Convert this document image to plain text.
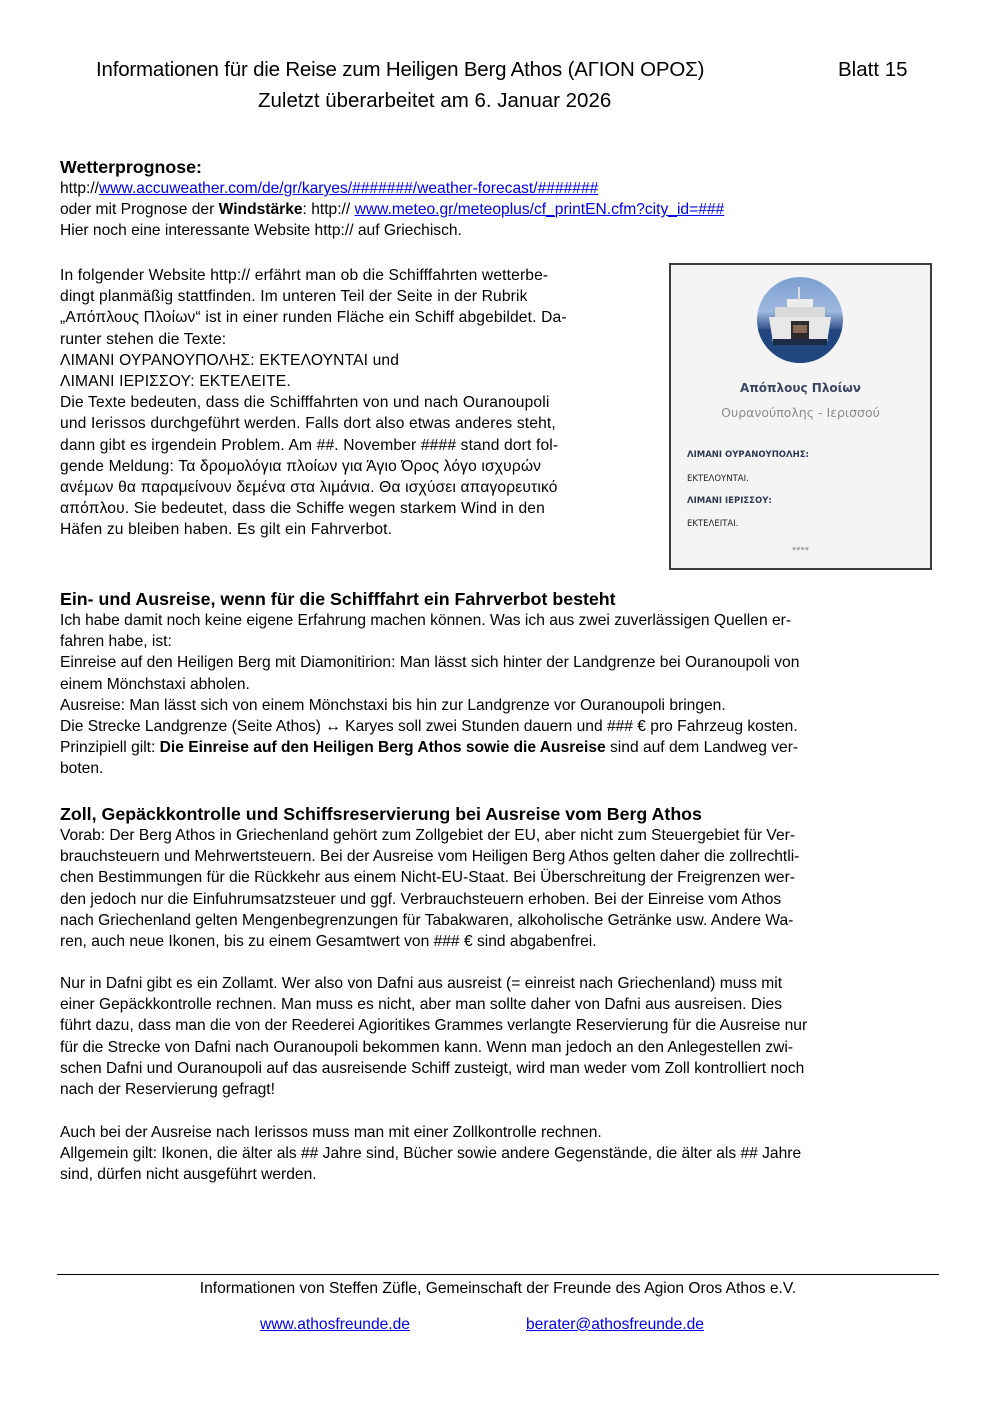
Informationen für die Reise zum Heiligen Berg Athos (ΑΓΙΟΝ ΟΡΟΣ)	Blatt 15
Zuletzt überarbeitet am 6. Januar 2026
Wetterprognose:
http://www.accuweather.com/de/gr/karyes/#######/weather-forecast/#######
oder mit Prognose der Windstärke: http:// www.meteo.gr/meteoplus/cf_printEN.cfm?city_id=###
Hier noch eine interessante Website http:// auf Griechisch.
In folgender Website http:// erfährt man ob die Schifffahrten wetterbe-
dingt planmäßig stattfinden. Im unteren Teil der Seite in der Rubrik
„Απόπλους Πλοίων“ ist in einer runden Fläche ein Schiff abgebildet. Da-
runter stehen die Texte:
ΛΙΜΑΝΙ ΟΥΡΑΝΟΥΠΟΛΗΣ: ΕΚΤΕΛΟΥΝΤΑΙ und
ΛΙΜΑΝΙ ΙΕΡΙΣΣΟΥ: ΕΚΤΕΛΕΙΤΕ.
Die Texte bedeuten, dass die Schifffahrten von und nach Ouranoupoli
und Ierissos durchgeführt werden. Falls dort also etwas anderes steht,
dann gibt es irgendein Problem. Am ##. November #### stand dort fol-
gende Meldung: Τα δρομολόγια πλοίων για Άγιο Όρος λόγο ισχυρών
ανέμων θα παραμείνουν δεμένα στα λιμάνια. Θα ισχύσει απαγορευτικό
απόπλου. Sie bedeutet, dass die Schiffe wegen starkem Wind in den
Häfen zu bleiben haben. Es gilt ein Fahrverbot.
Απόπλους Πλοίων
Ουρανούπολης - Ιερισσού
ΛΙΜΑΝΙ ΟΥΡΑΝΟΥΠΟΛΗΣ:
ΕΚΤΕΛΟΥΝΤΑΙ.
ΛΙΜΑΝΙ ΙΕΡΙΣΣΟΥ:
ΕΚΤΕΛΕΙΤΑΙ.
****
Ein- und Ausreise, wenn für die Schifffahrt ein Fahrverbot besteht
Ich habe damit noch keine eigene Erfahrung machen können. Was ich aus zwei zuverlässigen Quellen er-
fahren habe, ist:
Einreise auf den Heiligen Berg mit Diamonitirion: Man lässt sich hinter der Landgrenze bei Ouranoupoli von
einem Mönchstaxi abholen.
Ausreise: Man lässt sich von einem Mönchstaxi bis hin zur Landgrenze vor Ouranoupoli bringen.
Die Strecke Landgrenze (Seite Athos) ↔ Karyes soll zwei Stunden dauern und ### € pro Fahrzeug kosten.
Prinzipiell gilt: Die Einreise auf den Heiligen Berg Athos sowie die Ausreise sind auf dem Landweg ver-
boten.
Zoll, Gepäckkontrolle und Schiffsreservierung bei Ausreise vom Berg Athos
Vorab: Der Berg Athos in Griechenland gehört zum Zollgebiet der EU, aber nicht zum Steuergebiet für Ver-
brauchsteuern und Mehrwertsteuern. Bei der Ausreise vom Heiligen Berg Athos gelten daher die zollrechtli-
chen Bestimmungen für die Rückkehr aus einem Nicht-EU-Staat. Bei Überschreitung der Freigrenzen wer-
den jedoch nur die Einfuhrumsatzsteuer und ggf. Verbrauchsteuern erhoben. Bei der Einreise vom Athos
nach Griechenland gelten Mengenbegrenzungen für Tabakwaren, alkoholische Getränke usw. Andere Wa-
ren, auch neue Ikonen, bis zu einem Gesamtwert von ### € sind abgabenfrei.
Nur in Dafni gibt es ein Zollamt. Wer also von Dafni aus ausreist (= einreist nach Griechenland) muss mit
einer Gepäckkontrolle rechnen. Man muss es nicht, aber man sollte daher von Dafni aus ausreisen. Dies
führt dazu, dass man die von der Reederei Agioritikes Grammes verlangte Reservierung für die Ausreise nur
für die Strecke von Dafni nach Ouranoupoli bekommen kann. Wenn man jedoch an den Anlegestellen zwi-
schen Dafni und Ouranoupoli auf das ausreisende Schiff zusteigt, wird man weder vom Zoll kontrolliert noch
nach der Reservierung gefragt!
Auch bei der Ausreise nach Ierissos muss man mit einer Zollkontrolle rechnen.
Allgemein gilt: Ikonen, die älter als ## Jahre sind, Bücher sowie andere Gegenstände, die älter als ## Jahre
sind, dürfen nicht ausgeführt werden.
Informationen von Steffen Züfle, Gemeinschaft der Freunde des Agion Oros Athos e.V.
www.athosfreunde.de	berater@athosfreunde.de
